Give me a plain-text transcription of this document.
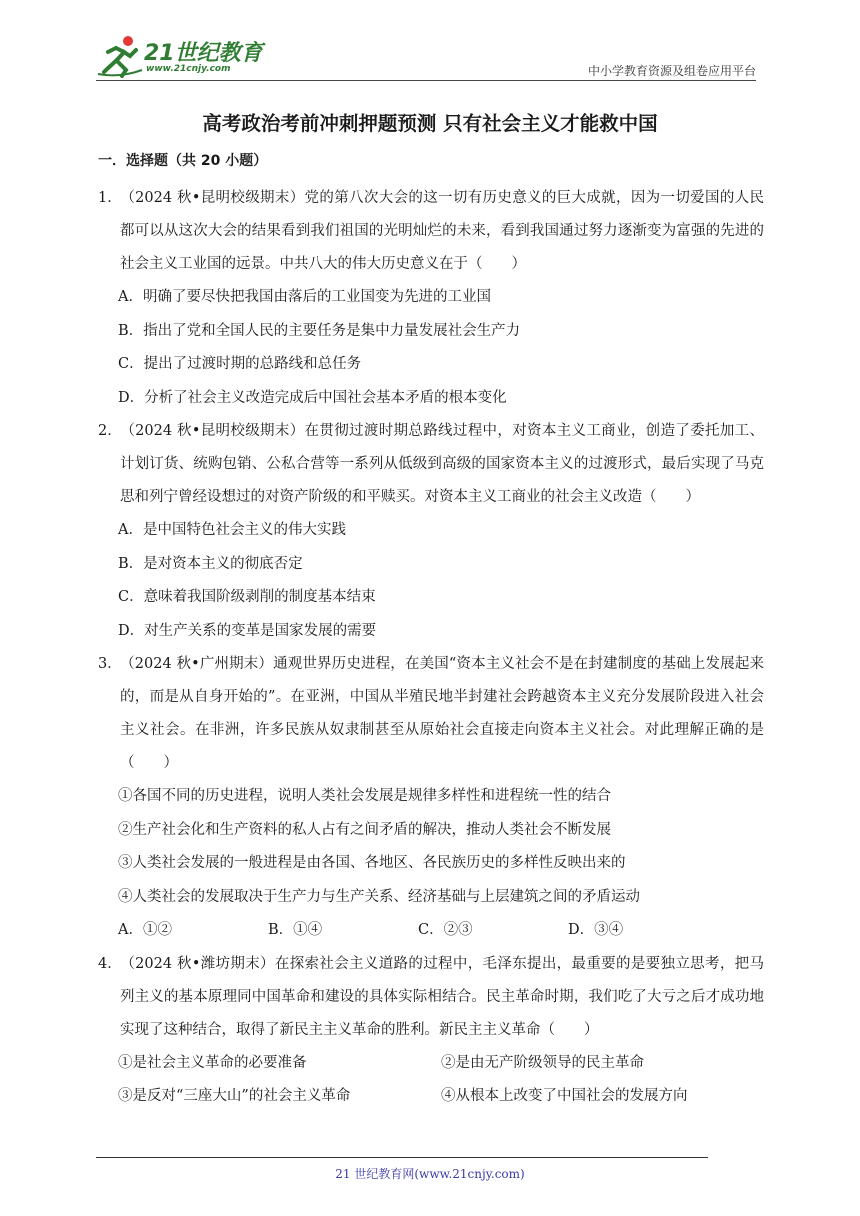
21世纪教育
www.21cnjy.com	中小学教育资源及组卷应用平台
高考政治考前冲刺押题预测 只有社会主义才能救中国
一．选择题（共 20 小题）
1．（2024 秋•昆明校级期末）党的第八次大会的这一切有历史意义的巨大成就，因为一切爱国的人民都可以从这次大会的结果看到我们祖国的光明灿烂的未来，看到我国通过努力逐渐变为富强的先进的社会主义工业国的远景。中共八大的伟大历史意义在于（　　）
A．明确了要尽快把我国由落后的工业国变为先进的工业国
B．指出了党和全国人民的主要任务是集中力量发展社会生产力
C．提出了过渡时期的总路线和总任务
D．分析了社会主义改造完成后中国社会基本矛盾的根本变化
2．（2024 秋•昆明校级期末）在贯彻过渡时期总路线过程中，对资本主义工商业，创造了委托加工、计划订货、统购包销、公私合营等一系列从低级到高级的国家资本主义的过渡形式，最后实现了马克思和列宁曾经设想过的对资产阶级的和平赎买。对资本主义工商业的社会主义改造（　　）
A．是中国特色社会主义的伟大实践
B．是对资本主义的彻底否定
C．意味着我国阶级剥削的制度基本结束
D．对生产关系的变革是国家发展的需要
3．（2024 秋•广州期末）通观世界历史进程，在美国“资本主义社会不是在封建制度的基础上发展起来的，而是从自身开始的”。在亚洲，中国从半殖民地半封建社会跨越资本主义充分发展阶段进入社会主义社会。在非洲，许多民族从奴隶制甚至从原始社会直接走向资本主义社会。对此理解正确的是（　　）
①各国不同的历史进程，说明人类社会发展是规律多样性和进程统一性的结合
②生产社会化和生产资料的私人占有之间矛盾的解决，推动人类社会不断发展
③人类社会发展的一般进程是由各国、各地区、各民族历史的多样性反映出来的
④人类社会的发展取决于生产力与生产关系、经济基础与上层建筑之间的矛盾运动
A．①②	B．①④	C．②③	D．③④
4．（2024 秋•潍坊期末）在探索社会主义道路的过程中，毛泽东提出，最重要的是要独立思考，把马列主义的基本原理同中国革命和建设的具体实际相结合。民主革命时期，我们吃了大亏之后才成功地实现了这种结合，取得了新民主主义革命的胜利。新民主主义革命（　　）
①是社会主义革命的必要准备	②是由无产阶级领导的民主革命
③是反对“三座大山”的社会主义革命	④从根本上改变了中国社会的发展方向
21 世纪教育网(www.21cnjy.com)
